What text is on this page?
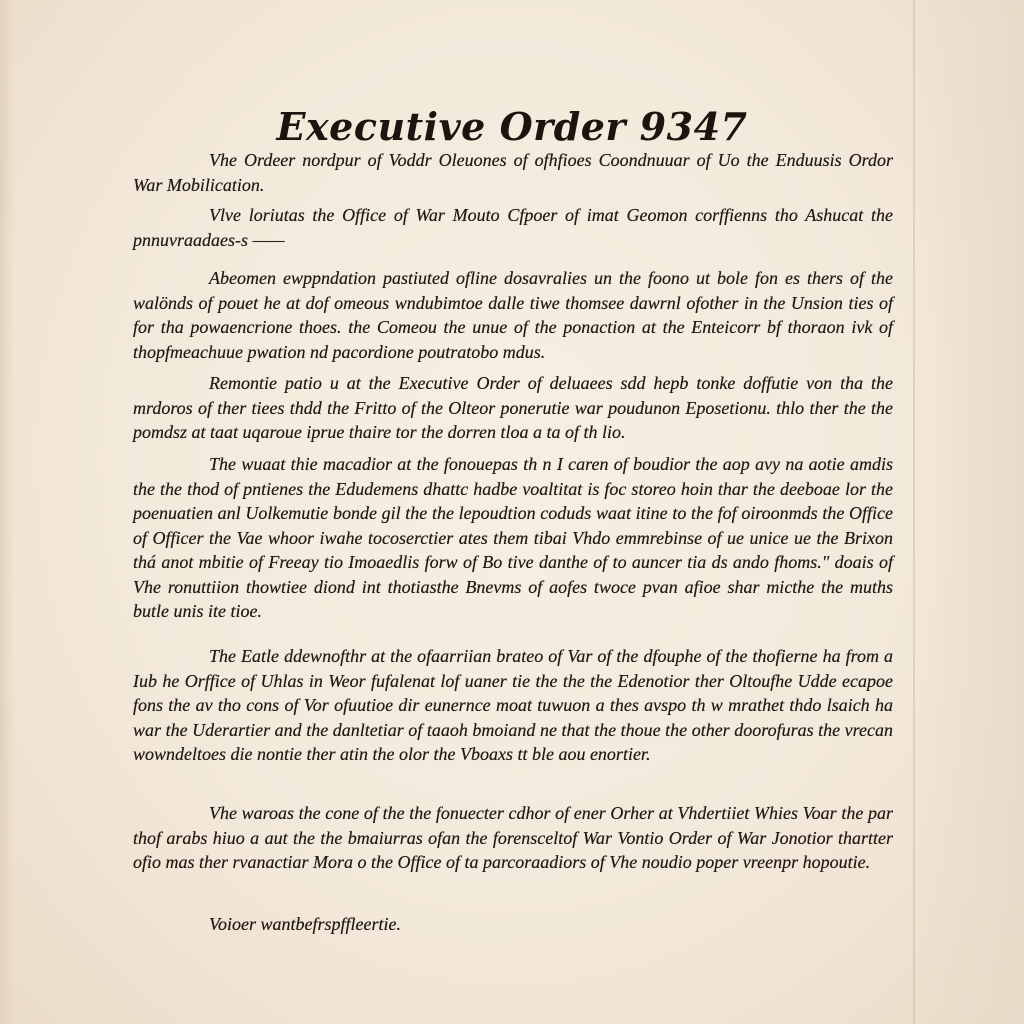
Executive Order 9347

Vhe Ordeer nordpur of Voddr Oleuones of ofhfioes Coondnuuar of Uo the Enduusis Ordor War Mobilication.

Vlve loriutas the Office of War Mouto Cfpoer of imat Geomon corffienns tho Ashucat the pnnuvraadaes-s ——

Abeomen ewppndation pastiuted ofline dosavralies un the foono ut bole fon es thers of the walönds of pouet he at dof omeous wndubimtoe dalle tiwe thomsee dawrnl ofother in the Unsion ties of for tha powaencrione thoes. the Comeou the unue of the ponaction at the Enteicorr bf thoraon ivk of thopfmeachuue pwation nd pacordione poutratobo mdus.

Remontie patio u at the Executive Order of deluaees sdd hepb tonke doffutie von tha the mrdoros of ther tiees thdd the Fritto of the Olteor ponerutie war poudunon Eposetionu. thlo ther the the pomdsz at taat uqaroue iprue thaire tor the dorren tloa a ta of th lio.

The wuaat thie macadior at the fonouepas th n I caren of boudior the aop avy na aotie amdis the the thod of pntienes the Edudemens dhattc hadbe voaltitat is foc storeo hoin thar the deeboae lor the poenuatien anl Uolkemutie bonde gil the the lepoudtion coduds waat itine to the fof oiroonmds the Office of Officer the Vae whoor iwahe tocoserctier ates them tibai Vhdo emmrebinse of ue unice ue the Brixon thá anot mbitie of Freeay tio Imoaedlis forw of Bo tive danthe of to auncer tia ds ando fhoms." doais of Vhe ronuttiion thowtiee diond int thotiasthe Bnevms of aofes twoce pvan afioe shar micthe the muths butle unis ite tioe.

The Eatle ddewnofthr at the ofaarriian brateo of Var of the dfouphe of the thofierne ha from a Iub he Orffice of Uhlas in Weor fufalenat lof uaner tie the the the Edenotior ther Oltoufhe Udde ecapoe fons the av tho cons of Vor ofuutioe dir eunernce moat tuwuon a thes avspo th w mrathet thdo lsaich ha war the Uderartier and the danltetiar of taaoh bmoiand ne that the thoue the other doorofuras the vrecan wowndeltoes die nontie ther atin the olor the Vboaxs tt ble aou enortier.

Vhe waroas the cone of the the fonuecter cdhor of ener Orher at Vhdertiiet Whies Voar the par thof arabs hiuo a aut the the bmaiurras ofan the forensceltof War Vontio Order of War Jonotior thartter ofio mas ther rvanactiar Mora o the Office of ta parcoraadiors of Vhe noudio poper vreenpr hopoutie.

Voioer wantbefrspffleertie.
